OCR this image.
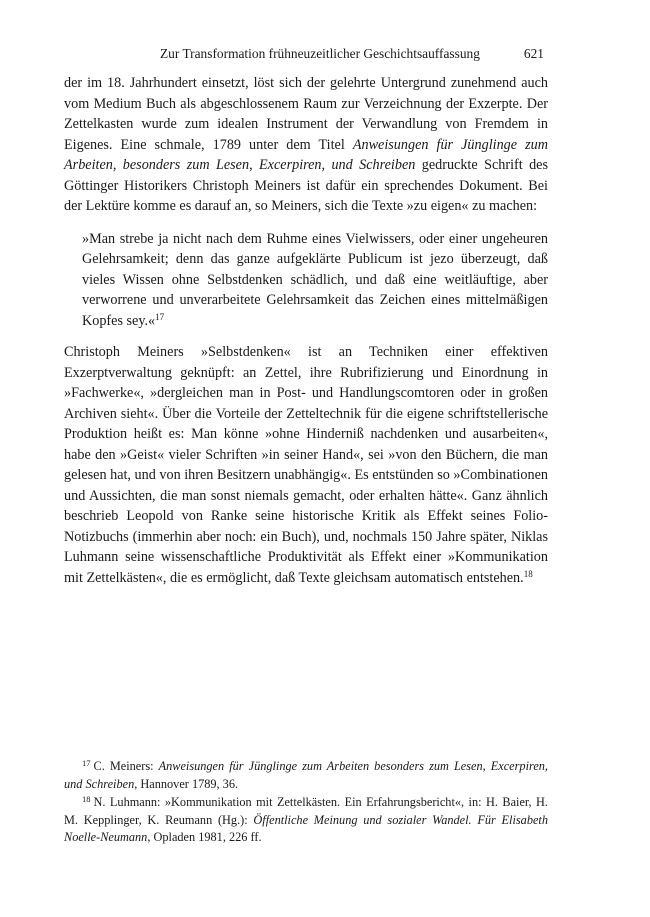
Zur Transformation frühneuzeitlicher Geschichtsauffassung	621

der im 18. Jahrhundert einsetzt, löst sich der gelehrte Untergrund zunehmend auch vom Medium Buch als abgeschlossenem Raum zur Verzeichnung der Exzerpte. Der Zettelkasten wurde zum idealen Instrument der Verwandlung von Fremdem in Eigenes. Eine schmale, 1789 unter dem Titel Anweisungen für Jünglinge zum Arbeiten, besonders zum Lesen, Excerpiren, und Schreiben gedruckte Schrift des Göttinger Historikers Christoph Meiners ist dafür ein sprechendes Dokument. Bei der Lektüre komme es darauf an, so Meiners, sich die Texte »zu eigen« zu machen:

»Man strebe ja nicht nach dem Ruhme eines Vielwissers, oder einer ungeheuren Gelehrsamkeit; denn das ganze aufgeklärte Publicum ist jezo überzeugt, daß vieles Wissen ohne Selbstdenken schädlich, und daß eine weitläuftige, aber verworrene und unverarbeitete Gelehrsamkeit das Zeichen eines mittelmäßigen Kopfes sey.«$^{17}$

Christoph Meiners »Selbstdenken« ist an Techniken einer effektiven Exzerptverwaltung geknüpft: an Zettel, ihre Rubrifizierung und Einordnung in »Fachwerke«, »dergleichen man in Post- und Handlungscomtoren oder in großen Archiven sieht«. Über die Vorteile der Zetteltechnik für die eigene schriftstellerische Produktion heißt es: Man könne »ohne Hinderniß nachdenken und ausarbeiten«, habe den »Geist« vieler Schriften »in seiner Hand«, sei »von den Büchern, die man gelesen hat, und von ihren Besitzern unabhängig«. Es entstünden so »Combinationen und Aussichten, die man sonst niemals gemacht, oder erhalten hätte«. Ganz ähnlich beschrieb Leopold von Ranke seine historische Kritik als Effekt seines Folio-Notizbuchs (immerhin aber noch: ein Buch), und, nochmals 150 Jahre später, Niklas Luhmann seine wissenschaftliche Produktivität als Effekt einer »Kommunikation mit Zettelkästen«, die es ermöglicht, daß Texte gleichsam automatisch entstehen.$^{18}$

$^{17}$ C. Meiners: Anweisungen für Jünglinge zum Arbeiten besonders zum Lesen, Excerpiren, und Schreiben, Hannover 1789, 36.

$^{18}$ N. Luhmann: »Kommunikation mit Zettelkästen. Ein Erfahrungsbericht«, in: H. Baier, H. M. Kepplinger, K. Reumann (Hg.): Öffentliche Meinung und sozialer Wandel. Für Elisabeth Noelle-Neumann, Opladen 1981, 226 ff.
